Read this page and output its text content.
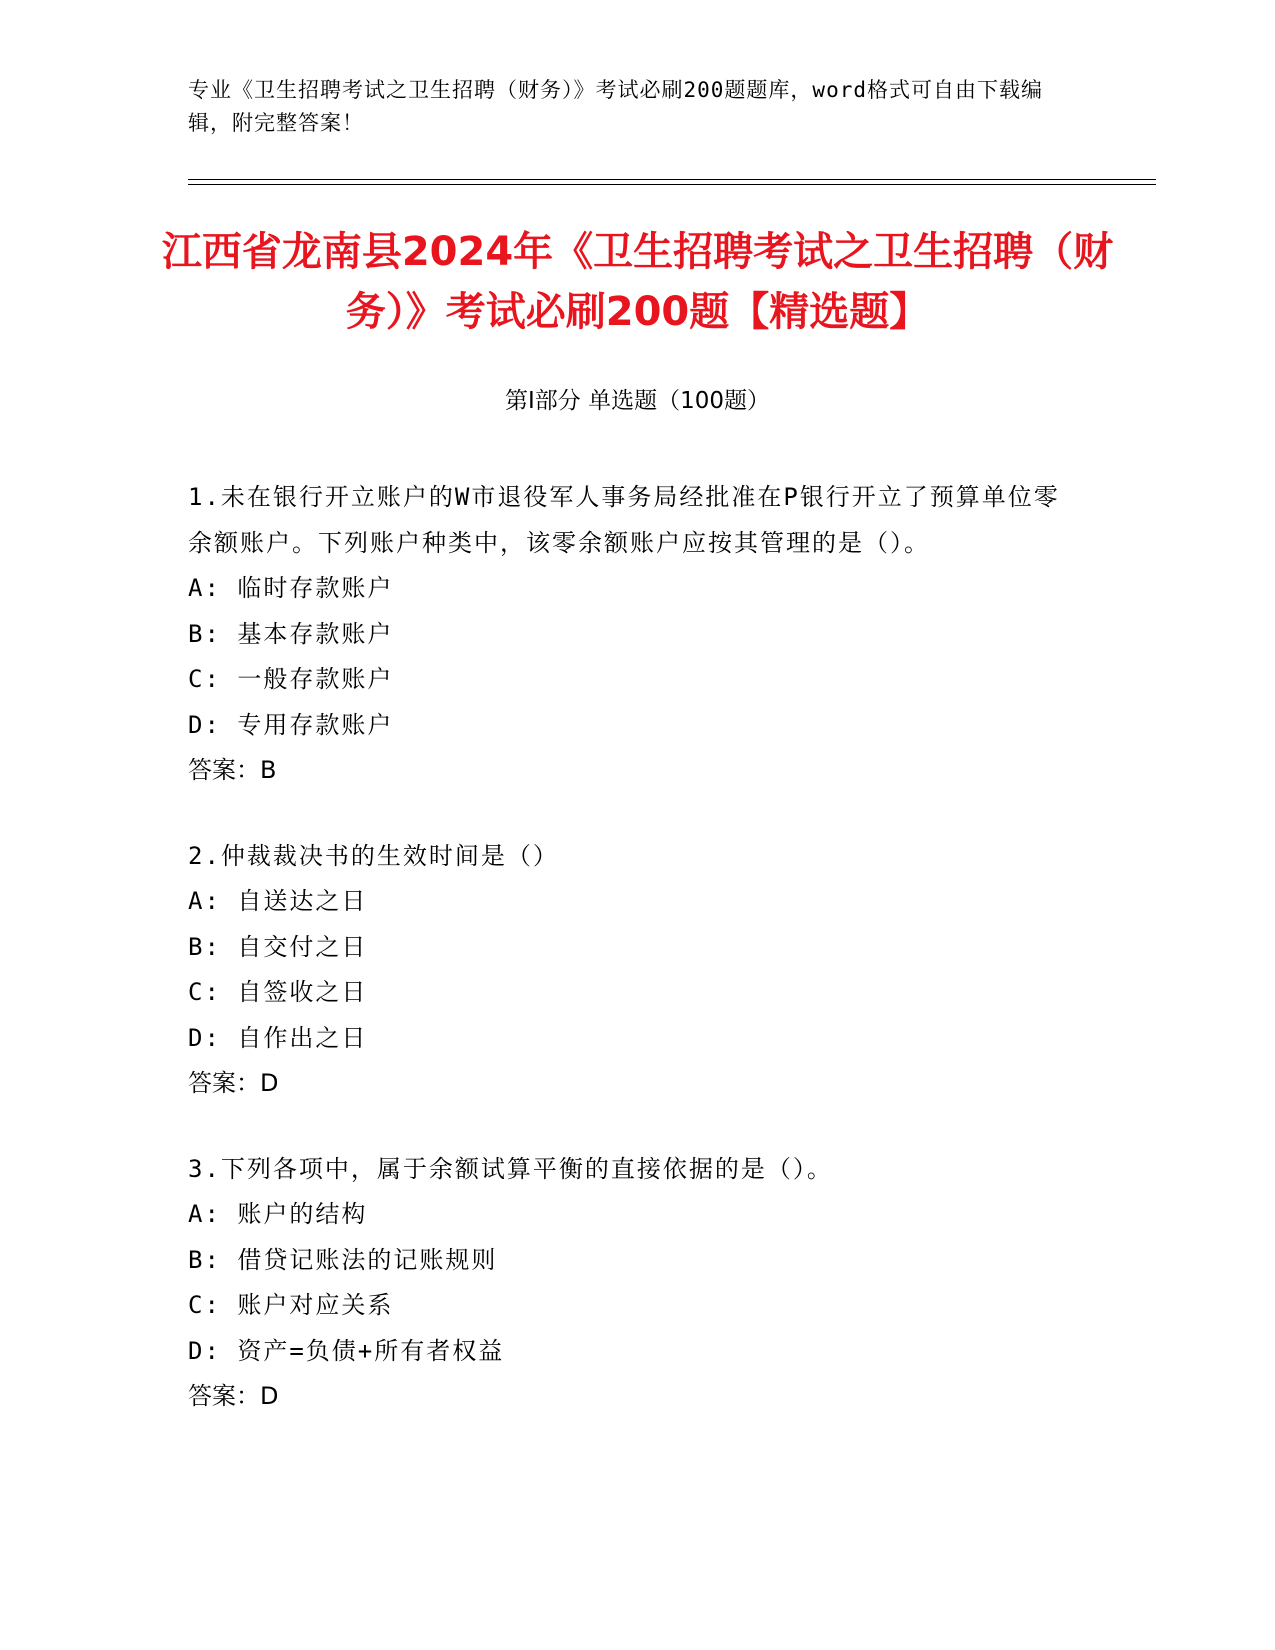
专业《卫生招聘考试之卫生招聘（财务）》考试必刷200题题库，word格式可自由下载编辑，附完整答案！
江西省龙南县2024年《卫生招聘考试之卫生招聘（财务）》考试必刷200题【精选题】
第Ⅰ部分 单选题（100题）
1.未在银行开立账户的W市退役军人事务局经批准在P银行开立了预算单位零余额账户。下列账户种类中，该零余额账户应按其管理的是（）。
A: 临时存款账户
B: 基本存款账户
C: 一般存款账户
D: 专用存款账户
答案：B
2.仲裁裁决书的生效时间是（）
A: 自送达之日
B: 自交付之日
C: 自签收之日
D: 自作出之日
答案：D
3.下列各项中，属于余额试算平衡的直接依据的是（）。
A: 账户的结构
B: 借贷记账法的记账规则
C: 账户对应关系
D: 资产=负债+所有者权益
答案：D
